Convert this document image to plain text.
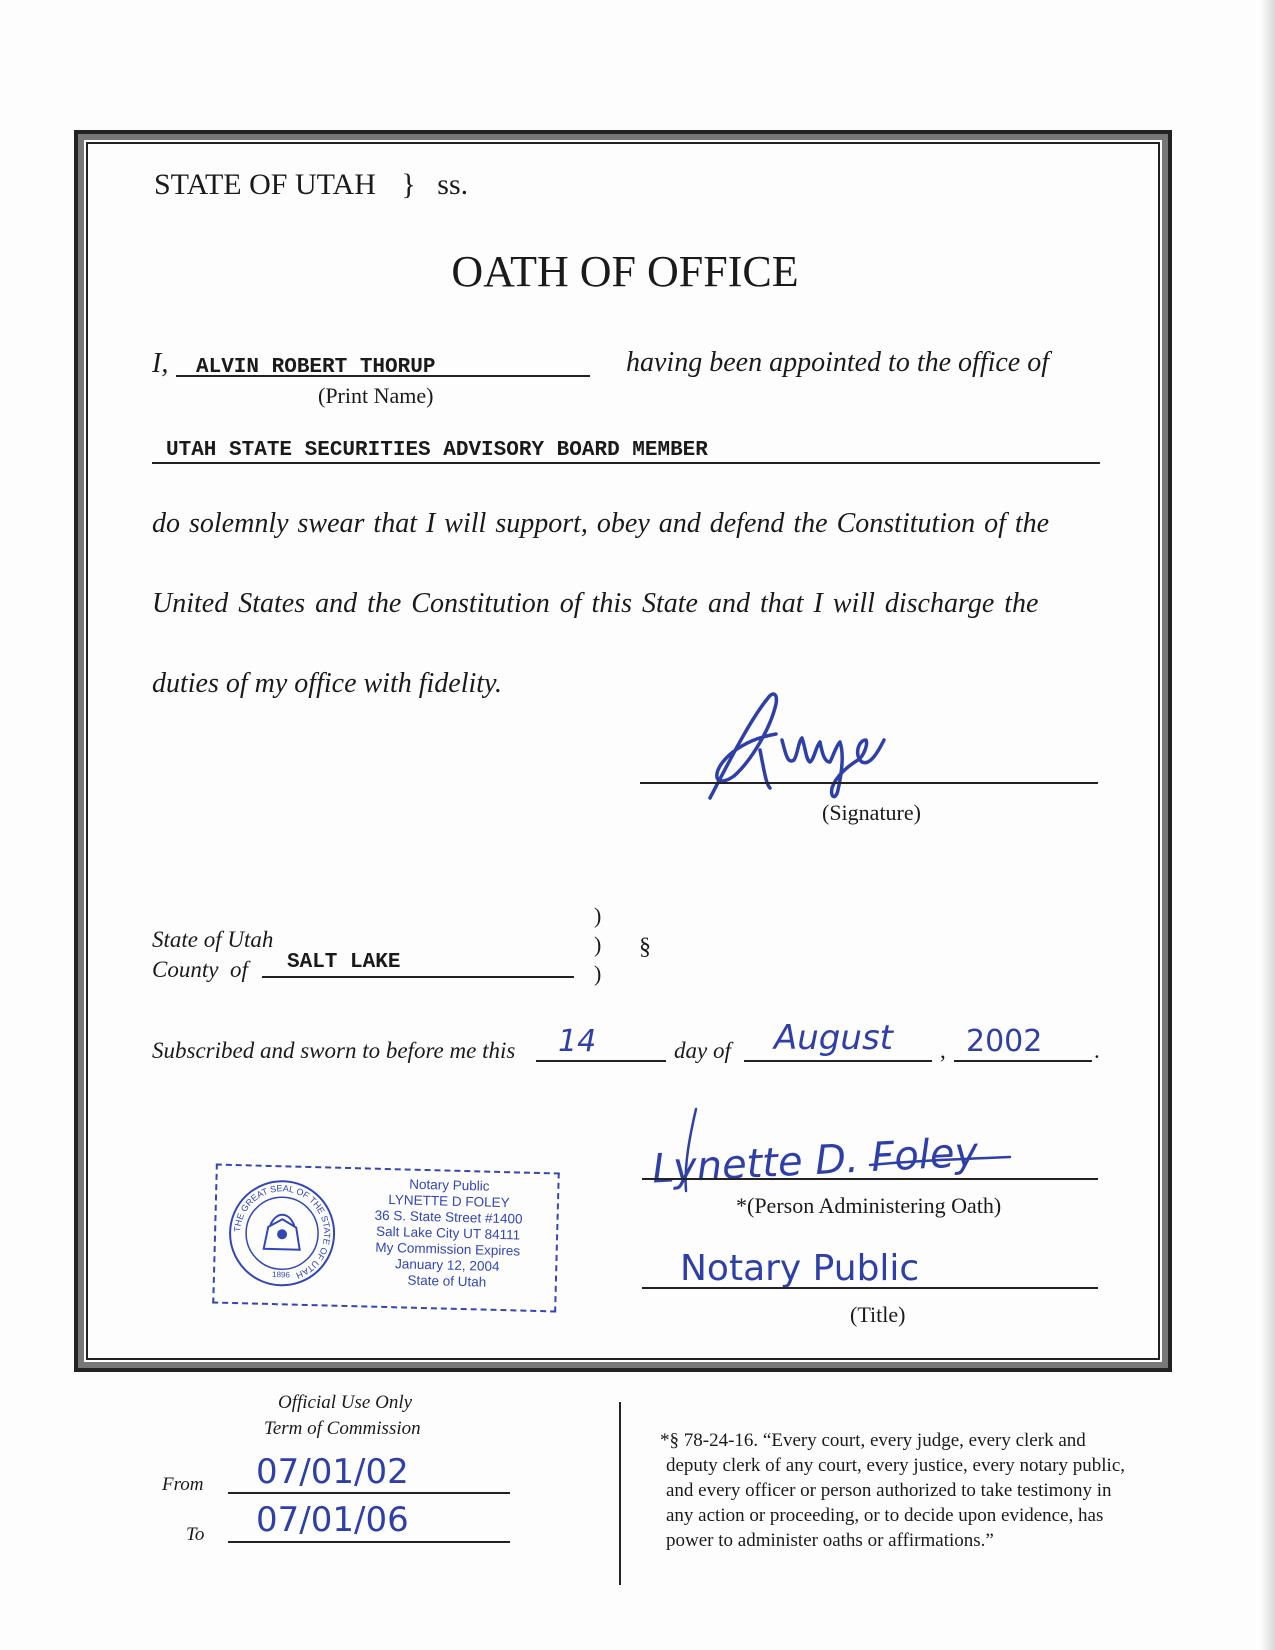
STATE OF UTAH } ss.
OATH OF OFFICE
I, ALVIN ROBERT THORUP
(Print Name)
having been appointed to the office of
UTAH STATE SECURITIES ADVISORY BOARD MEMBER
do solemnly swear that I will support, obey and defend the Constitution of the
United States and the Constitution of this State and that I will discharge the
duties of my office with fidelity.
(Signature)
State of Utah
County  of SALT LAKE
)
)
)
§
Subscribed and sworn to before me this 14	day of August , 2002 .
Lynette D. Foley
*(Person Administering Oath)
Notary Public
(Title)
THE GREAT SEAL OF THE STATE OF UTAH
1896
Notary Public
LYNETTE D FOLEY
36 S. State Street #1400
Salt Lake City UT 84111
My Commission Expires
January 12, 2004
State of Utah
Official Use Only
Term of Commission
From 07/01/02
To 07/01/06
*§ 78-24-16. “Every court, every judge, every clerk and
deputy clerk of any court, every justice, every notary public,
and every officer or person authorized to take testimony in
any action or proceeding, or to decide upon evidence, has
power to administer oaths or affirmations.”
